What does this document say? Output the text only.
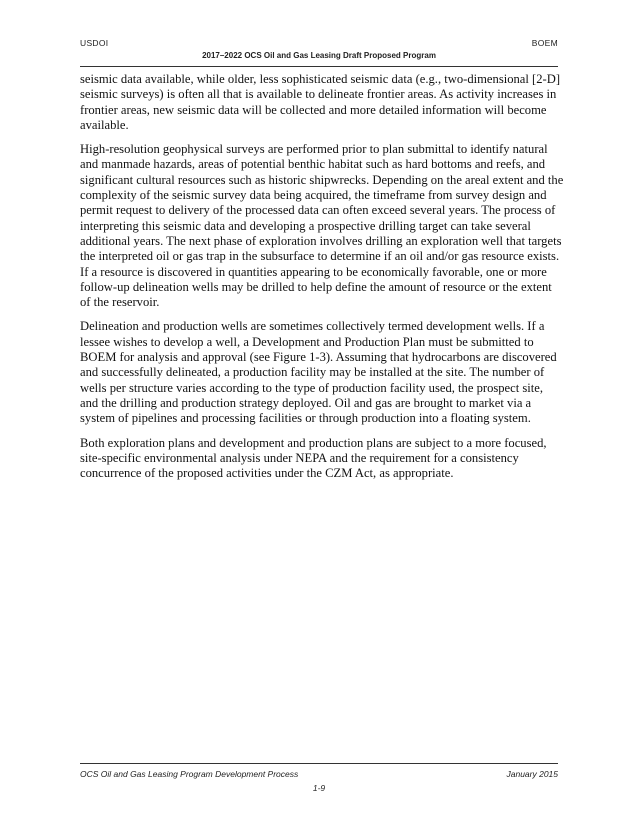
USDOI	BOEM
2017–2022 OCS Oil and Gas Leasing Draft Proposed Program

seismic data available, while older, less sophisticated seismic data (e.g., two-dimensional [2-D] seismic surveys) is often all that is available to delineate frontier areas. As activity increases in frontier areas, new seismic data will be collected and more detailed information will become available.

High-resolution geophysical surveys are performed prior to plan submittal to identify natural and manmade hazards, areas of potential benthic habitat such as hard bottoms and reefs, and significant cultural resources such as historic shipwrecks. Depending on the areal extent and the complexity of the seismic survey data being acquired, the timeframe from survey design and permit request to delivery of the processed data can often exceed several years. The process of interpreting this seismic data and developing a prospective drilling target can take several additional years. The next phase of exploration involves drilling an exploration well that targets the interpreted oil or gas trap in the subsurface to determine if an oil and/or gas resource exists. If a resource is discovered in quantities appearing to be economically favorable, one or more follow-up delineation wells may be drilled to help define the amount of resource or the extent of the reservoir.

Delineation and production wells are sometimes collectively termed development wells. If a lessee wishes to develop a well, a Development and Production Plan must be submitted to BOEM for analysis and approval (see Figure 1-3). Assuming that hydrocarbons are discovered and successfully delineated, a production facility may be installed at the site. The number of wells per structure varies according to the type of production facility used, the prospect site, and the drilling and production strategy deployed. Oil and gas are brought to market via a system of pipelines and processing facilities or through production into a floating system.

Both exploration plans and development and production plans are subject to a more focused, site-specific environmental analysis under NEPA and the requirement for a consistency concurrence of the proposed activities under the CZM Act, as appropriate.

OCS Oil and Gas Leasing Program Development Process	January 2015
1-9
